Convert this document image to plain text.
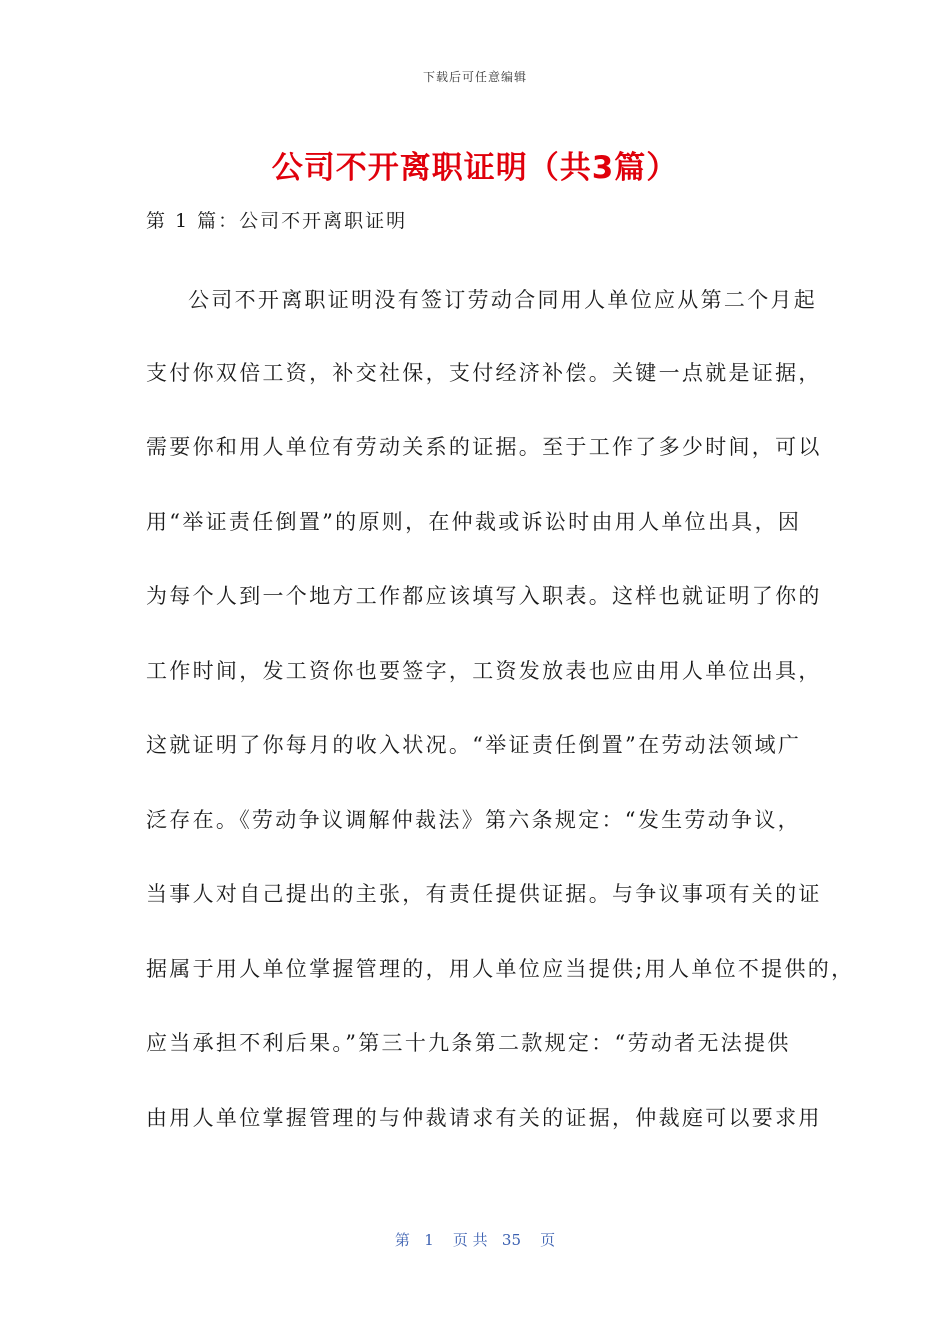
下载后可任意编辑
公司不开离职证明（共3篇）
第 1 篇：公司不开离职证明
公司不开离职证明没有签订劳动合同用人单位应从第二个月起
支付你双倍工资，补交社保，支付经济补偿。关键一点就是证据，
需要你和用人单位有劳动关系的证据。至于工作了多少时间，可以
用“举证责任倒置”的原则，在仲裁或诉讼时由用人单位出具，因
为每个人到一个地方工作都应该填写入职表。这样也就证明了你的
工作时间，发工资你也要签字，工资发放表也应由用人单位出具，
这就证明了你每月的收入状况。“举证责任倒置”在劳动法领域广
泛存在。《劳动争议调解仲裁法》第六条规定：“发生劳动争议，
当事人对自己提出的主张，有责任提供证据。与争议事项有关的证
据属于用人单位掌握管理的，用人单位应当提供;用人单位不提供的，
应当承担不利后果。”第三十九条第二款规定：“劳动者无法提供
由用人单位掌握管理的与仲裁请求有关的证据，仲裁庭可以要求用
第   1    页 共   35    页
